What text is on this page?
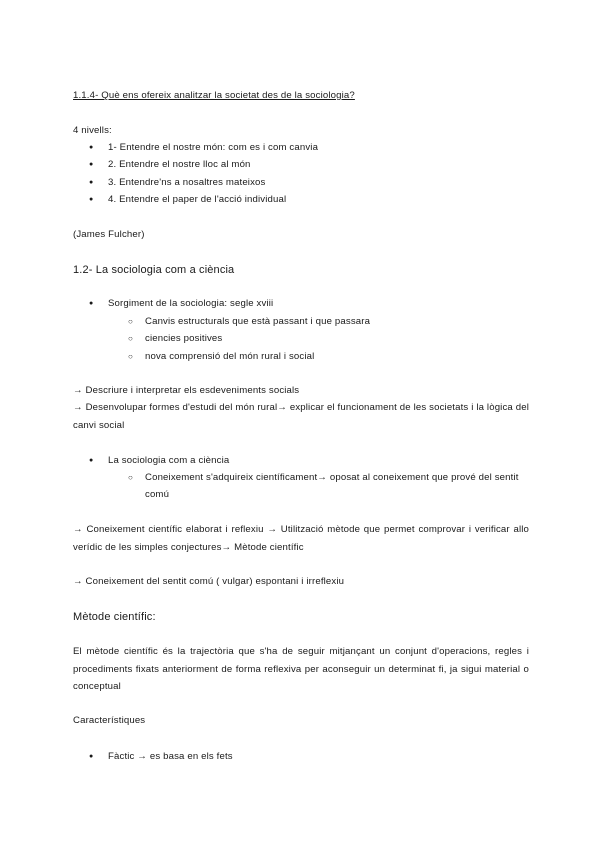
1.1.4- Què ens ofereix analitzar la societat des de la sociologia?
4 nivells:
● 1- Entendre el nostre món: com es i com canvia
● 2. Entendre el nostre lloc al món
● 3. Entendre'ns a nosaltres mateixos
● 4. Entendre el paper de l'acció individual
(James Fulcher)
1.2- La sociologia com a ciència
● Sorgiment de la sociologia: segle xviii
○ Canvis estructurals que està passant i que passara
○ ciencies positives
○ nova comprensió del món rural i social
→ Descriure i interpretar els esdeveniments socials
→ Desenvolupar formes d'estudi del món rural→ explicar el funcionament de les societats i la lògica del canvi social
● La sociologia com a ciència
○	Coneixement s'adquireix científicament→ oposat al coneixement que prové del sentit comú
→ Coneixement científic elaborat i reflexiu → Utilització mètode que permet comprovar i verificar allo verídic de les simples conjectures→ Mètode científic
→ Coneixement del sentit comú ( vulgar) espontani i irreflexiu
Mètode científic:
El mètode científic és la trajectòria que s'ha de seguir mitjançant un conjunt d'operacions, regles i procediments fixats anteriorment de forma reflexiva per aconseguir un determinat fi, ja sigui material o conceptual
Característiques
● Fàctic → es basa en els fets
